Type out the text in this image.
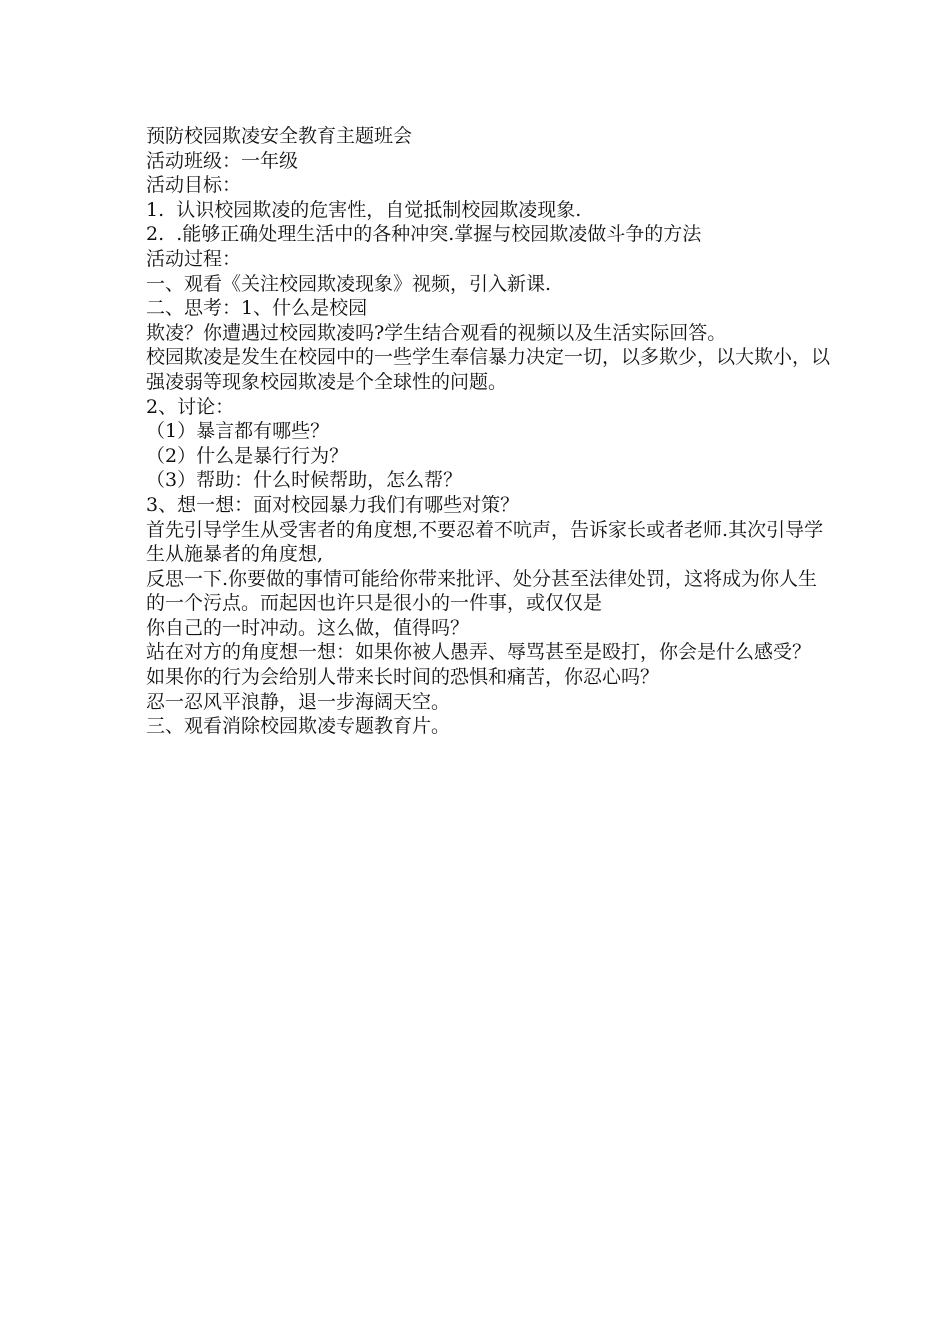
预防校园欺凌安全教育主题班会
活动班级：一年级
活动目标：
1.  认识校园欺凌的危害性，自觉抵制校园欺凌现象.
2.  .能够正确处理生活中的各种冲突.掌握与校园欺凌做斗争的方法
活动过程：
一、观看《关注校园欺凌现象》视频，引入新课.
二、思考：1、什么是校园
欺凌？你遭遇过校园欺凌吗?学生结合观看的视频以及生活实际回答。
校园欺凌是发生在校园中的一些学生奉信暴力决定一切，以多欺少，以大欺小，以强凌弱等现象校园欺凌是个全球性的问题。
2、讨论：
（1）暴言都有哪些？
（2）什么是暴行行为？
（3）帮助：什么时候帮助，怎么帮？
3、想一想：面对校园暴力我们有哪些对策？
首先引导学生从受害者的角度想,不要忍着不吭声，告诉家长或者老师.其次引导学生从施暴者的角度想,
反思一下.你要做的事情可能给你带来批评、处分甚至法律处罚，这将成为你人生的一个污点。而起因也许只是很小的一件事，或仅仅是
你自己的一时冲动。这么做，值得吗？
站在对方的角度想一想：如果你被人愚弄、辱骂甚至是殴打，你会是什么感受？
如果你的行为会给别人带来长时间的恐惧和痛苦，你忍心吗？
忍一忍风平浪静，退一步海阔天空。
三、观看消除校园欺凌专题教育片。
